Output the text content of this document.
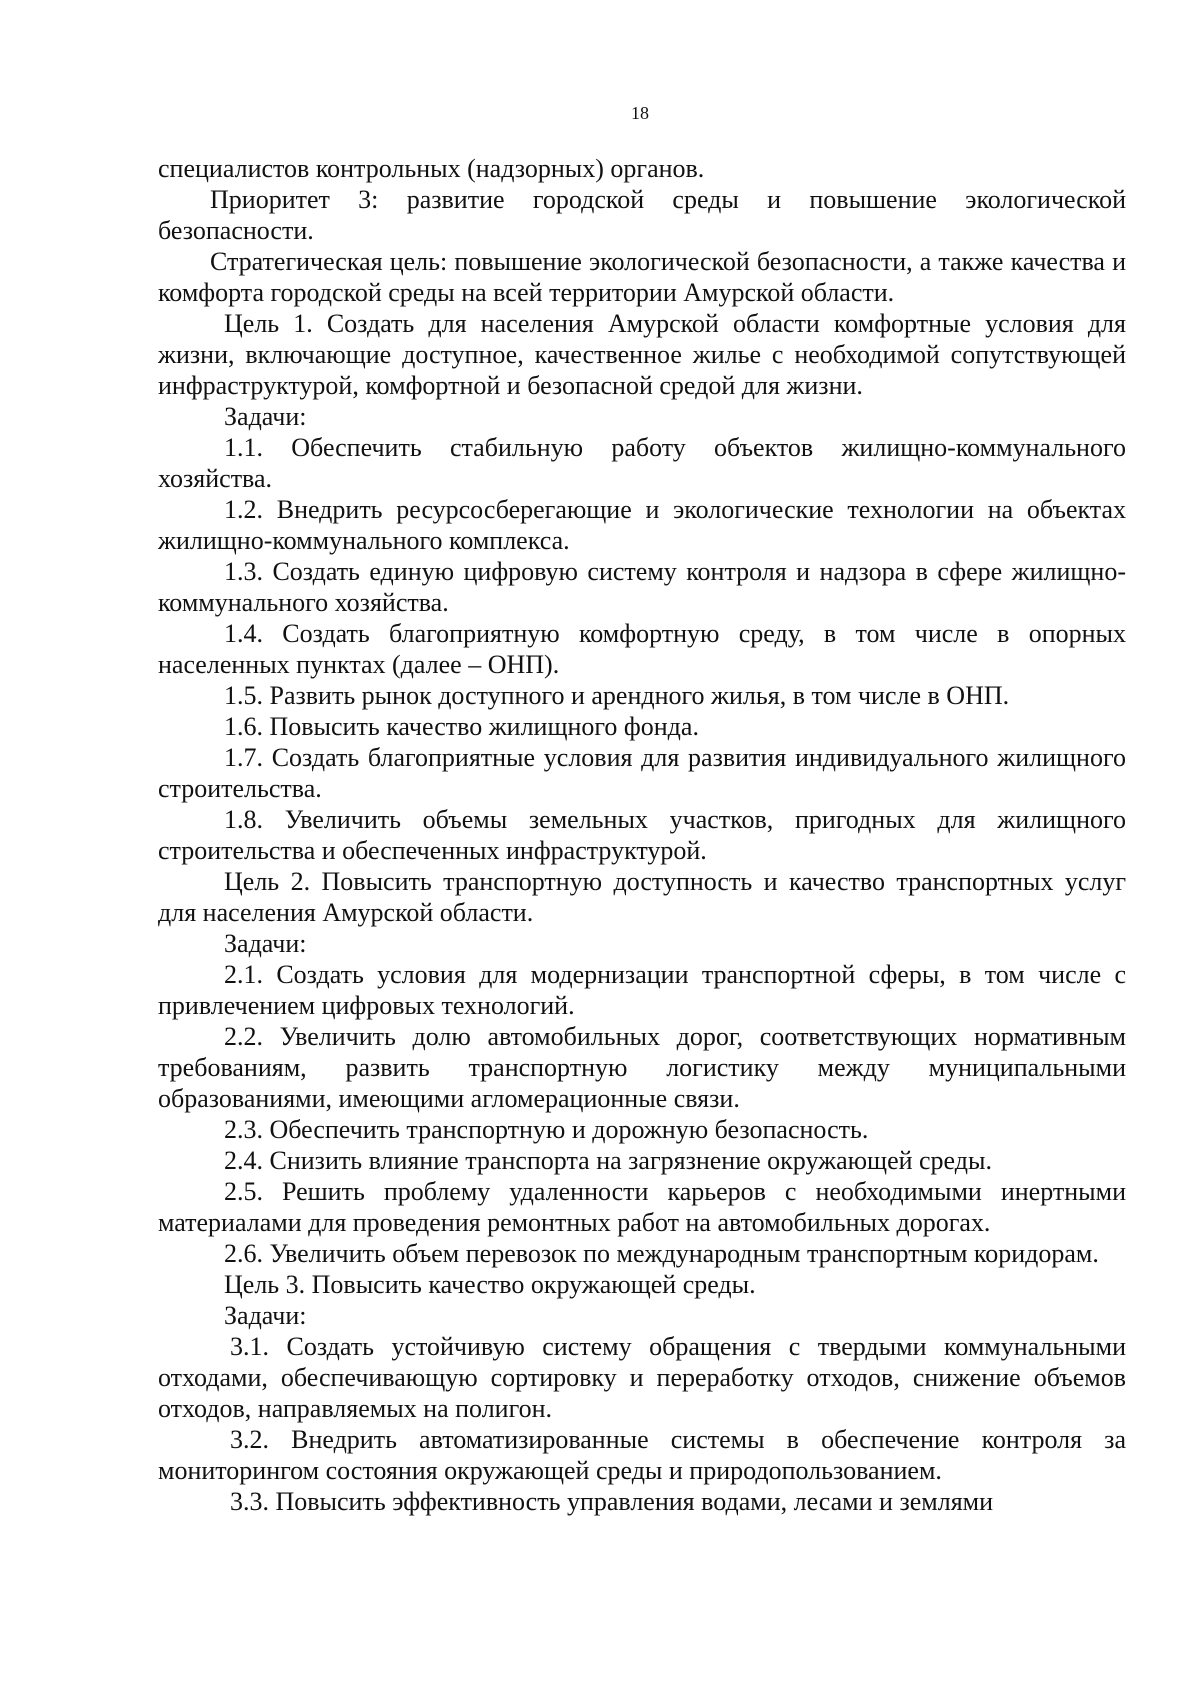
18

специалистов контрольных (надзорных) органов.

Приоритет 3: развитие городской среды и повышение экологической безопасности.

Стратегическая цель: повышение экологической безопасности, а также качества и комфорта городской среды на всей территории Амурской области.

Цель 1. Создать для населения Амурской области комфортные условия для жизни, включающие доступное, качественное жилье с необходимой сопутствующей инфраструктурой, комфортной и безопасной средой для жизни.

Задачи:

1.1. Обеспечить стабильную работу объектов жилищно-коммунального хозяйства.

1.2. Внедрить ресурсосберегающие и экологические технологии на объектах жилищно-коммунального комплекса.

1.3. Создать единую цифровую систему контроля и надзора в сфере жилищно-коммунального хозяйства.

1.4. Создать благоприятную комфортную среду, в том числе в опорных населенных пунктах (далее – ОНП).

1.5. Развить рынок доступного и арендного жилья, в том числе в ОНП.

1.6. Повысить качество жилищного фонда.

1.7. Создать благоприятные условия для развития индивидуального жилищного строительства.

1.8. Увеличить объемы земельных участков, пригодных для жилищного строительства и обеспеченных инфраструктурой.

Цель 2. Повысить транспортную доступность и качество транспортных услуг для населения Амурской области.

Задачи:

2.1. Создать условия для модернизации транспортной сферы, в том числе с привлечением цифровых технологий.

2.2. Увеличить долю автомобильных дорог, соответствующих нормативным требованиям, развить транспортную логистику между муниципальными образованиями, имеющими агломерационные связи.

2.3. Обеспечить транспортную и дорожную безопасность.

2.4. Снизить влияние транспорта на загрязнение окружающей среды.

2.5. Решить проблему удаленности карьеров с необходимыми инертными материалами для проведения ремонтных работ на автомобильных дорогах.

2.6. Увеличить объем перевозок по международным транспортным коридорам.

Цель 3. Повысить качество окружающей среды.

Задачи:

3.1. Создать устойчивую систему обращения с твердыми коммунальными отходами, обеспечивающую сортировку и переработку отходов, снижение объемов отходов, направляемых на полигон.

3.2. Внедрить автоматизированные системы в обеспечение контроля за мониторингом состояния окружающей среды и природопользованием.

3.3. Повысить эффективность управления водами, лесами и землями
